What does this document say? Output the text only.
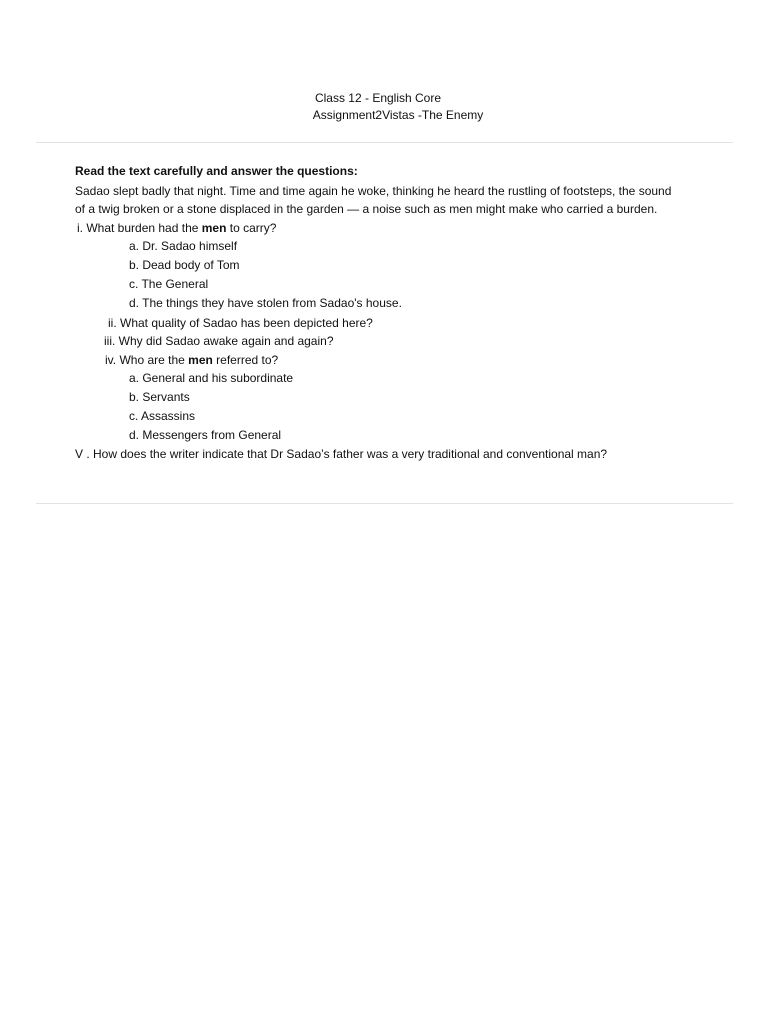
Class 12 - English Core
Assignment2Vistas -The Enemy
Read the text carefully and answer the questions:
Sadao slept badly that night. Time and time again he woke, thinking he heard the rustling of footsteps, the sound
of a twig broken or a stone displaced in the garden — a noise such as men might make who carried a burden.
i. What burden had the men to carry?
a. Dr. Sadao himself
b. Dead body of Tom
c. The General
d. The things they have stolen from Sadao's house.
ii. What quality of Sadao has been depicted here?
iii. Why did Sadao awake again and again?
iv. Who are the men referred to?
a. General and his subordinate
b. Servants
c. Assassins
d. Messengers from General
V . How does the writer indicate that Dr Sadao’s father was a very traditional and conventional man?
